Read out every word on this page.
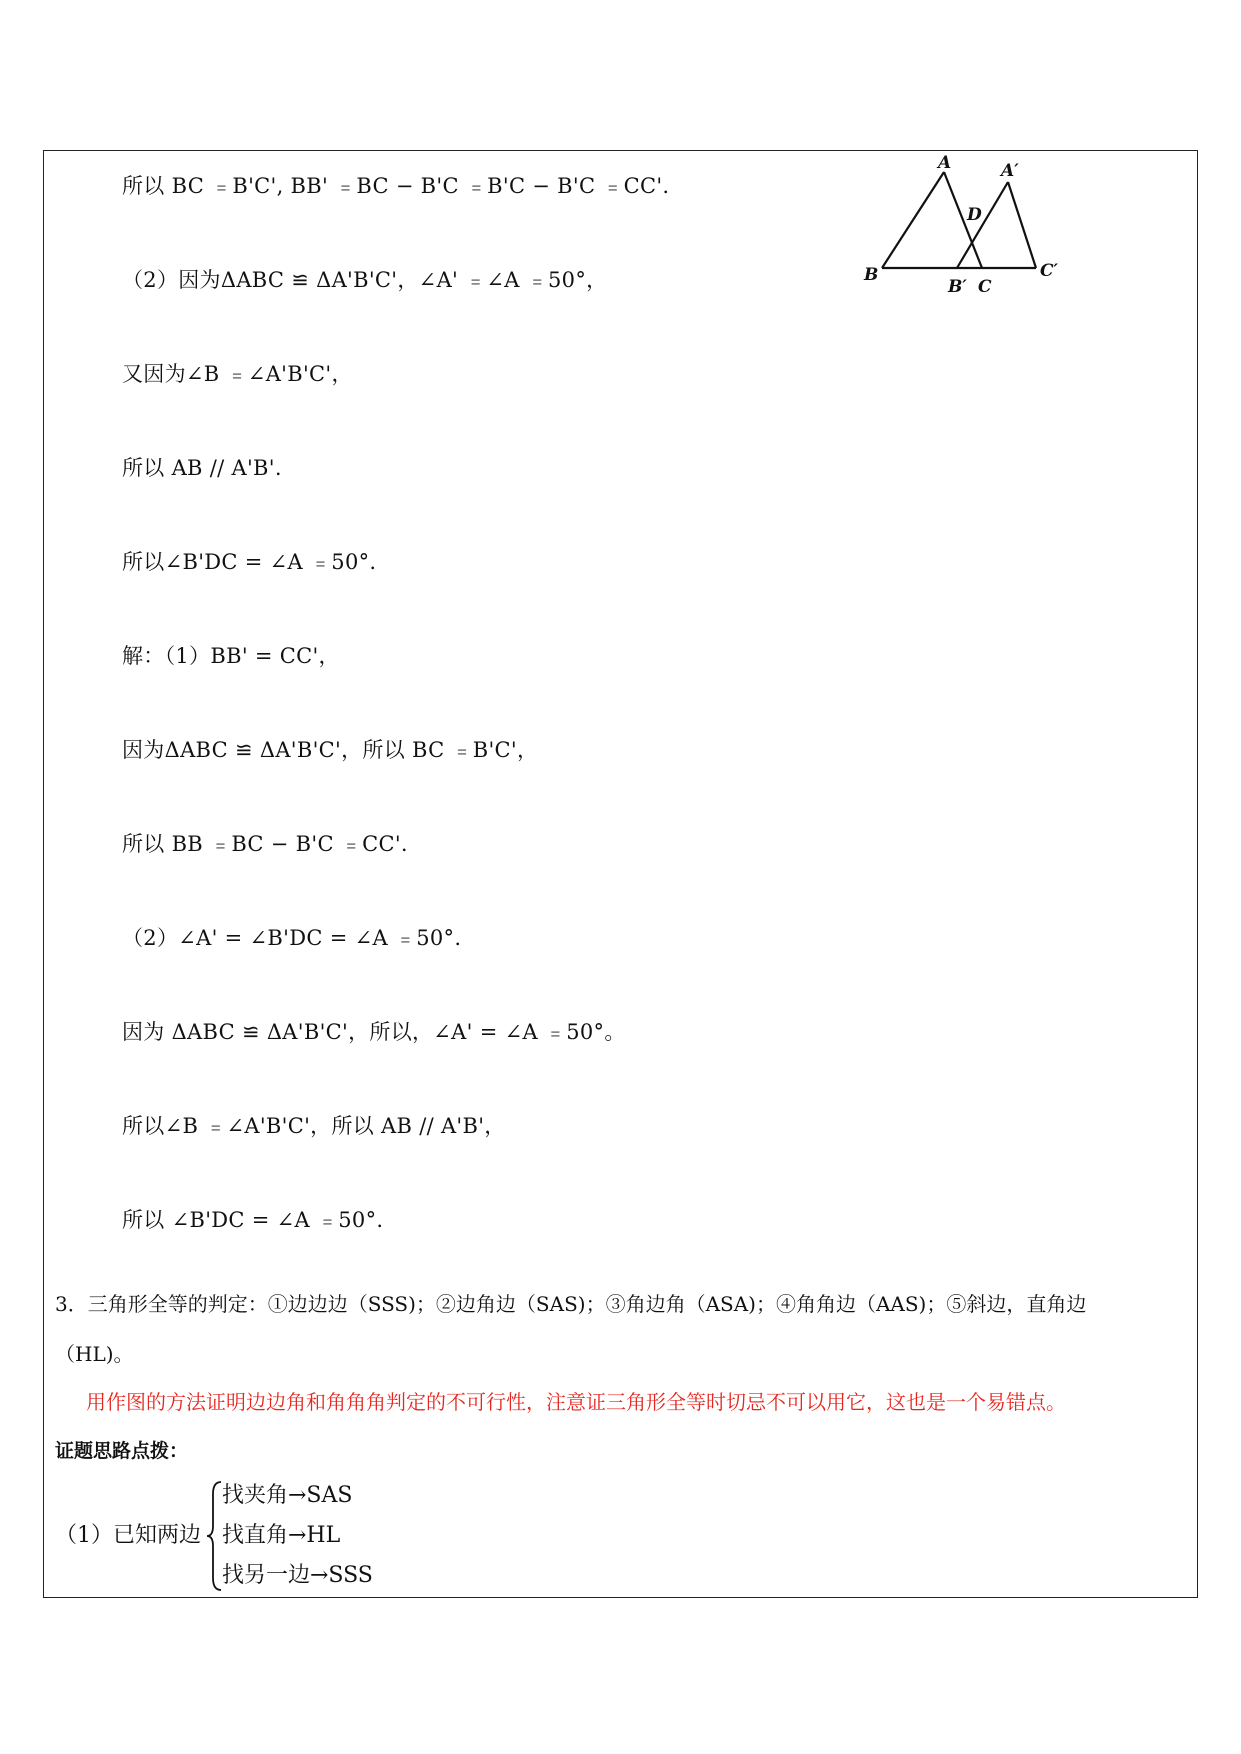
所以 BC ﹦B'C', BB' ﹦BC − B'C ﹦B'C − B'C ﹦CC'.
（2）因为ΔABC ≌ ΔA'B'C'，∠A' ﹦∠A ﹦50°，
又因为∠B ﹦∠A'B'C'，
所以 AB // A'B'.
所以∠B'DC = ∠A ﹦50°.
解：（1）BB' = CC'，
因为ΔABC ≌ ΔA'B'C'，所以 BC ﹦B'C'，
所以 BB ﹦BC − B'C ﹦CC'.
（2）∠A' = ∠B'DC = ∠A ﹦50°.
因为 ΔABC ≌ ΔA'B'C'，所以，∠A' = ∠A ﹦50°。
所以∠B ﹦∠A'B'C'，所以 AB // A'B'，
所以 ∠B'DC = ∠A ﹦50°.
A	A′
D
B
B′ C
C′
3．三角形全等的判定：①边边边（SSS)；②边角边（SAS)；③角边角（ASA)；④角角边（AAS)；⑤斜边，直角边
（HL)。
用作图的方法证明边边角和角角角判定的不可行性，注意证三角形全等时切忌不可以用它，这也是一个易错点。
证题思路点拨：
（1）已知两边
找夹角→SAS
找直角→HL
找另一边→SSS
